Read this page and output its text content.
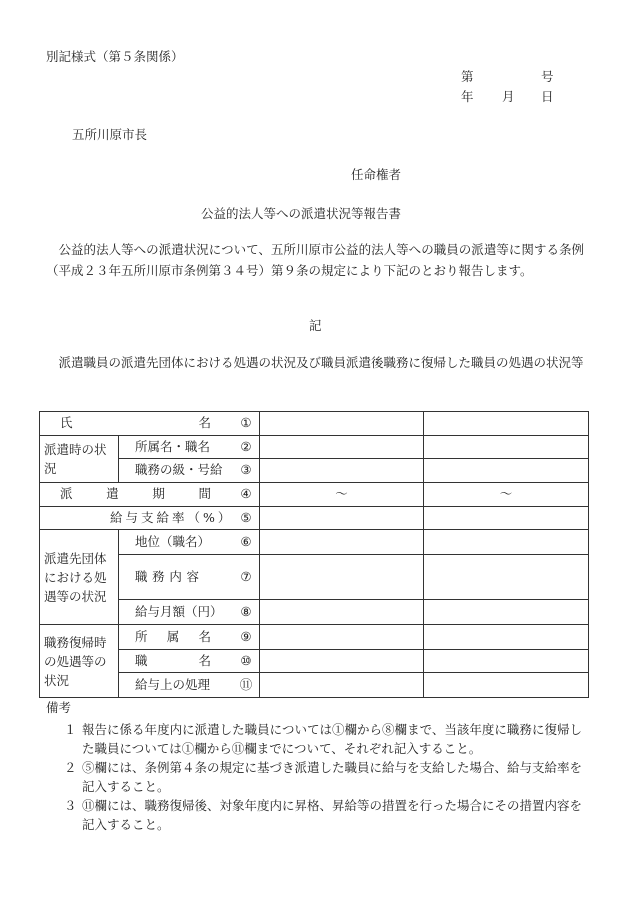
別記様式（第５条関係）
第	号
年 月 日
五所川原市長
任命権者
公益的法人等への派遣状況等報告書
公益的法人等への派遣状況について、五所川原市公益的法人等への職員の派遣等に関する条例（平成２３年五所川原市条例第３４号）第９条の規定により下記のとおり報告します。
記
派遣職員の派遣先団体における処遇の状況及び職員派遣後職務に復帰した職員の処遇の状況等
氏 名 ①			

派遣時の状況	所属名・職名 ②		

	職務の級・号給 ③		

派 遣 期 間 ④		～	～

給与支給率（%） ⑤			

派遣先団体における処遇等の状況	地位（職名） ⑥		

	職 務 内 容 ⑦		

	給与月額（円） ⑧		

職務復帰時の処遇等の状況	所 属 名 ⑨		

	職 名 ⑩		

	給与上の処理 ⑪		

備考
１ 報告に係る年度内に派遣した職員については①欄から⑧欄まで、当該年度に職務に復帰した職員については①欄から⑪欄までについて、それぞれ記入すること。
２ ⑤欄には、条例第４条の規定に基づき派遣した職員に給与を支給した場合、給与支給率を記入すること。
３ ⑪欄には、職務復帰後、対象年度内に昇格、昇給等の措置を行った場合にその措置内容を記入すること。
